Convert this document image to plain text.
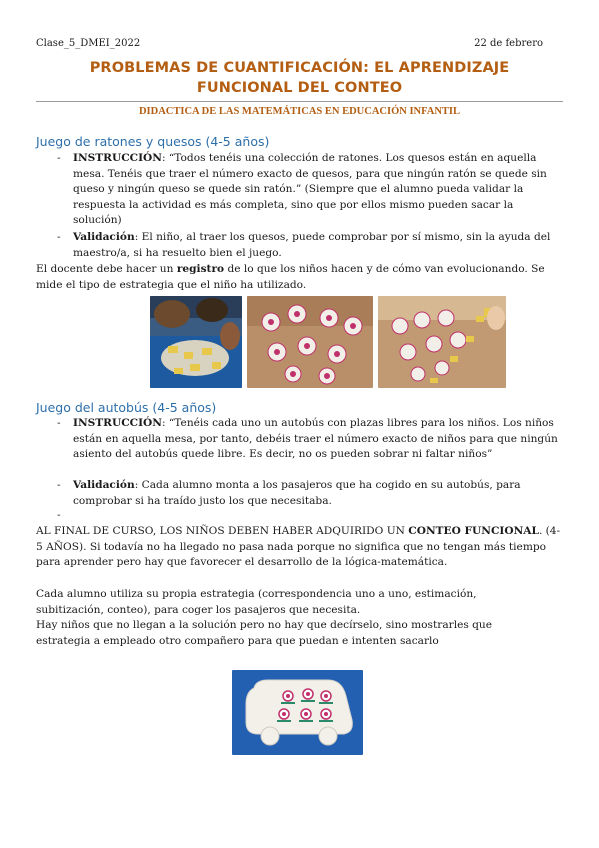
Clase_5_DMEI_2022	22 de febrero
PROBLEMAS DE CUANTIFICACIÓN: EL APRENDIZAJE
FUNCIONAL DEL CONTEO
DIDACTICA DE LAS MATEMÁTICAS EN EDUCACIÓN INFANTIL
Juego de ratones y quesos (4-5 años)
- INSTRUCCIÓN: “Todos tenéis una colección de ratones. Los quesos están en aquella mesa. Tenéis que traer el número exacto de quesos, para que ningún ratón se quede sin queso y ningún queso se quede sin ratón.” (Siempre que el alumno pueda validar la respuesta la actividad es más completa, sino que por ellos mismo pueden sacar la solución)
- Validación: El niño, al traer los quesos, puede comprobar por sí mismo, sin la ayuda del maestro/a, si ha resuelto bien el juego.
El docente debe hacer un registro de lo que los niños hacen y de cómo van evolucionando. Se mide el tipo de estrategia que el niño ha utilizado.
Juego del autobús (4-5 años)
- INSTRUCCIÓN: “Tenéis cada uno un autobús con plazas libres para los niños. Los niños están en aquella mesa, por tanto, debéis traer el número exacto de niños para que ningún asiento del autobús quede libre. Es decir, no os pueden sobrar ni faltar niños”
- Validación: Cada alumno monta a los pasajeros que ha cogido en su autobús, para comprobar si ha traído justo los que necesitaba.
-
AL FINAL DE CURSO, LOS NIÑOS DEBEN HABER ADQUIRIDO UN CONTEO FUNCIONAL. (4-5 AÑOS). Si todavía no ha llegado no pasa nada porque no significa que no tengan más tiempo para aprender pero hay que favorecer el desarrollo de la lógica-matemática.
Cada alumno utiliza su propia estrategia (correspondencia uno a uno, estimación, subitización, conteo), para coger los pasajeros que necesita.
Hay niños que no llegan a la solución pero no hay que decírselo, sino mostrarles que estrategia a empleado otro compañero para que puedan e intenten sacarlo
